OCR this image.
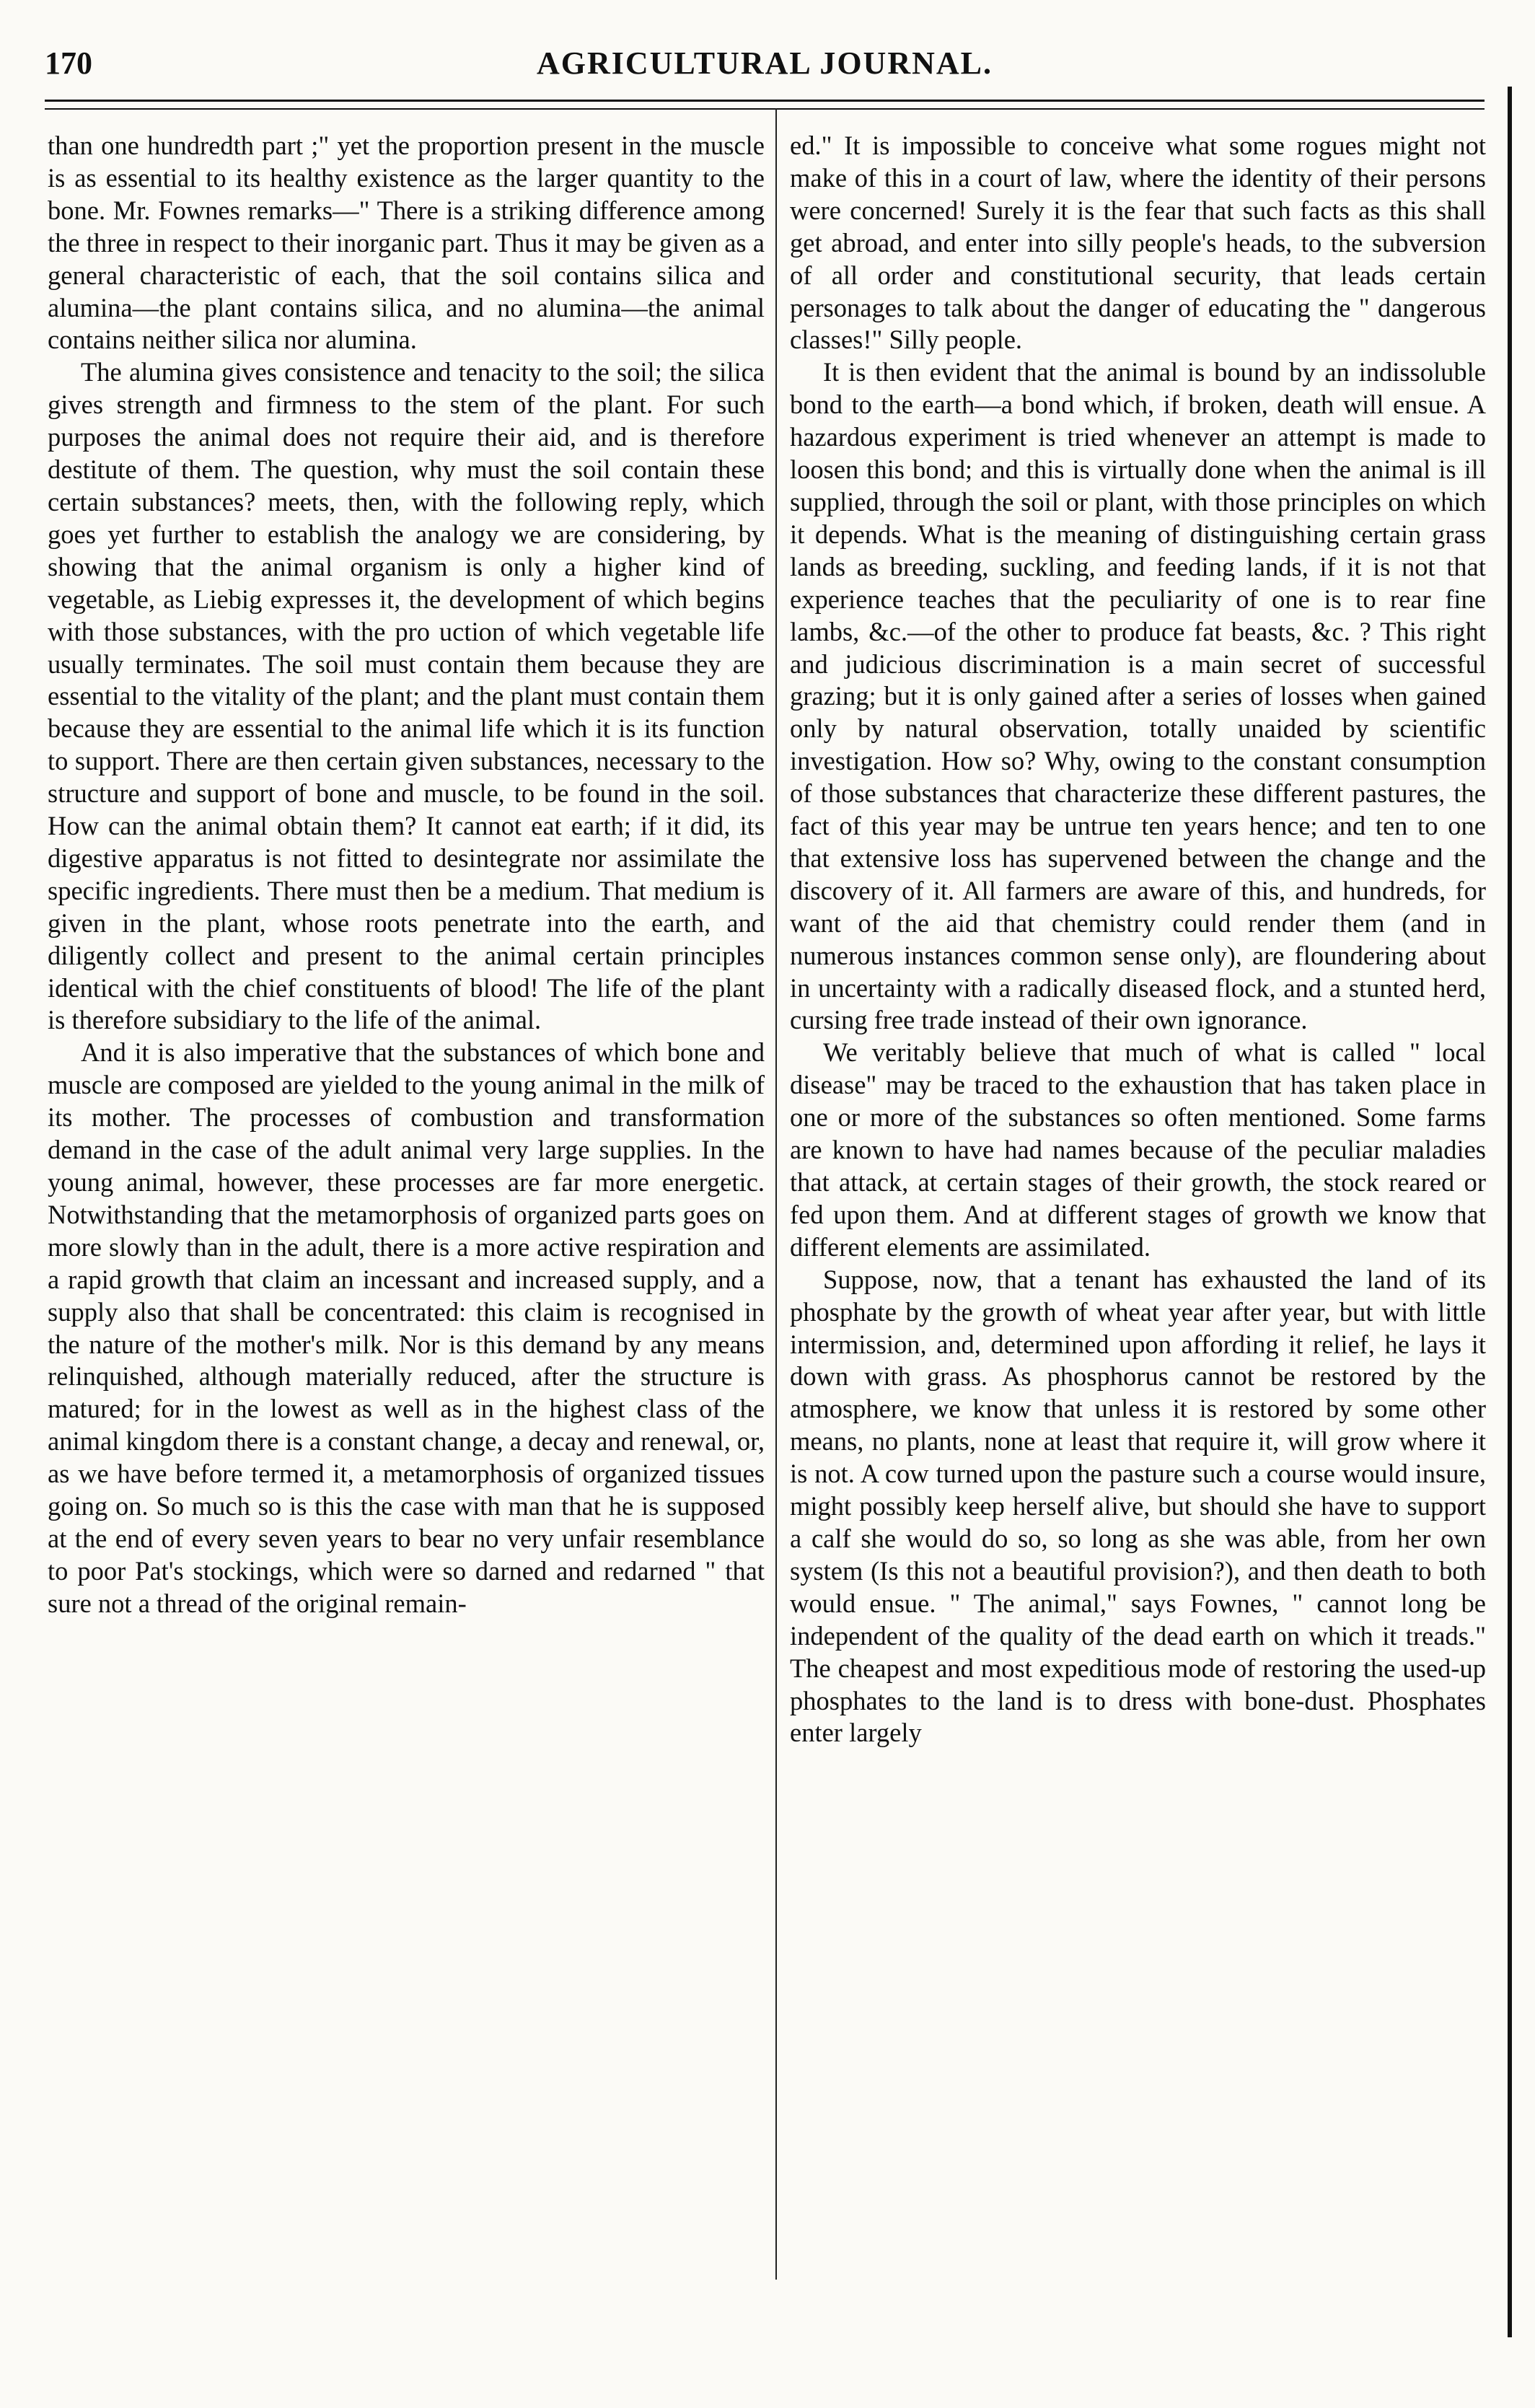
170	AGRICULTURAL JOURNAL.

than one hundredth part ;" yet the proportion present in the muscle is as essential to its healthy existence as the larger quantity to the bone. Mr. Fownes remarks—" There is a striking difference among the three in respect to their inorganic part. Thus it may be given as a general characteristic of each, that the soil contains silica and alumina—the plant contains silica, and no alumina—the animal contains neither silica nor alumina.

The alumina gives consistence and tenacity to the soil; the silica gives strength and firmness to the stem of the plant. For such purposes the animal does not require their aid, and is therefore destitute of them. The question, why must the soil contain these certain substances? meets, then, with the following reply, which goes yet further to establish the analogy we are considering, by showing that the animal organism is only a higher kind of vegetable, as Liebig expresses it, the development of which begins with those substances, with the pro uction of which vegetable life usually terminates. The soil must contain them because they are essential to the vitality of the plant; and the plant must contain them because they are essential to the animal life which it is its function to support. There are then certain given substances, necessary to the structure and support of bone and muscle, to be found in the soil. How can the animal obtain them? It cannot eat earth; if it did, its digestive apparatus is not fitted to desintegrate nor assimilate the specific ingredients. There must then be a medium. That medium is given in the plant, whose roots penetrate into the earth, and diligently collect and present to the animal certain principles identical with the chief constituents of blood! The life of the plant is therefore subsidiary to the life of the animal.

And it is also imperative that the substances of which bone and muscle are composed are yielded to the young animal in the milk of its mother. The processes of combustion and transformation demand in the case of the adult animal very large supplies. In the young animal, however, these processes are far more energetic. Notwithstanding that the metamorphosis of organized parts goes on more slowly than in the adult, there is a more active respiration and a rapid growth that claim an incessant and increased supply, and a supply also that shall be concentrated: this claim is recognised in the nature of the mother's milk. Nor is this demand by any means relinquished, although materially reduced, after the structure is matured; for in the lowest as well as in the highest class of the animal kingdom there is a constant change, a decay and renewal, or, as we have before termed it, a metamorphosis of organized tissues going on. So much so is this the case with man that he is supposed at the end of every seven years to bear no very unfair resemblance to poor Pat's stockings, which were so darned and redarned " that sure not a thread of the original remain-

ed." It is impossible to conceive what some rogues might not make of this in a court of law, where the identity of their persons were concerned! Surely it is the fear that such facts as this shall get abroad, and enter into silly people's heads, to the subversion of all order and constitutional security, that leads certain personages to talk about the danger of educating the " dangerous classes!" Silly people.

It is then evident that the animal is bound by an indissoluble bond to the earth—a bond which, if broken, death will ensue. A hazardous experiment is tried whenever an attempt is made to loosen this bond; and this is virtually done when the animal is ill supplied, through the soil or plant, with those principles on which it depends. What is the meaning of distinguishing certain grass lands as breeding, suckling, and feeding lands, if it is not that experience teaches that the peculiarity of one is to rear fine lambs, &c.—of the other to produce fat beasts, &c. ? This right and judicious discrimination is a main secret of successful grazing; but it is only gained after a series of losses when gained only by natural observation, totally unaided by scientific investigation. How so? Why, owing to the constant consumption of those substances that characterize these different pastures, the fact of this year may be untrue ten years hence; and ten to one that extensive loss has supervened between the change and the discovery of it. All farmers are aware of this, and hundreds, for want of the aid that chemistry could render them (and in numerous instances common sense only), are floundering about in uncertainty with a radically diseased flock, and a stunted herd, cursing free trade instead of their own ignorance.

We veritably believe that much of what is called " local disease" may be traced to the exhaustion that has taken place in one or more of the substances so often mentioned. Some farms are known to have had names because of the peculiar maladies that attack, at certain stages of their growth, the stock reared or fed upon them. And at different stages of growth we know that different elements are assimilated.

Suppose, now, that a tenant has exhausted the land of its phosphate by the growth of wheat year after year, but with little intermission, and, determined upon affording it relief, he lays it down with grass. As phosphorus cannot be restored by the atmosphere, we know that unless it is restored by some other means, no plants, none at least that require it, will grow where it is not. A cow turned upon the pasture such a course would insure, might possibly keep herself alive, but should she have to support a calf she would do so, so long as she was able, from her own system (Is this not a beautiful provision?), and then death to both would ensue. " The animal," says Fownes, " cannot long be independent of the quality of the dead earth on which it treads." The cheapest and most expeditious mode of restoring the used-up phosphates to the land is to dress with bone-dust. Phosphates enter largely
